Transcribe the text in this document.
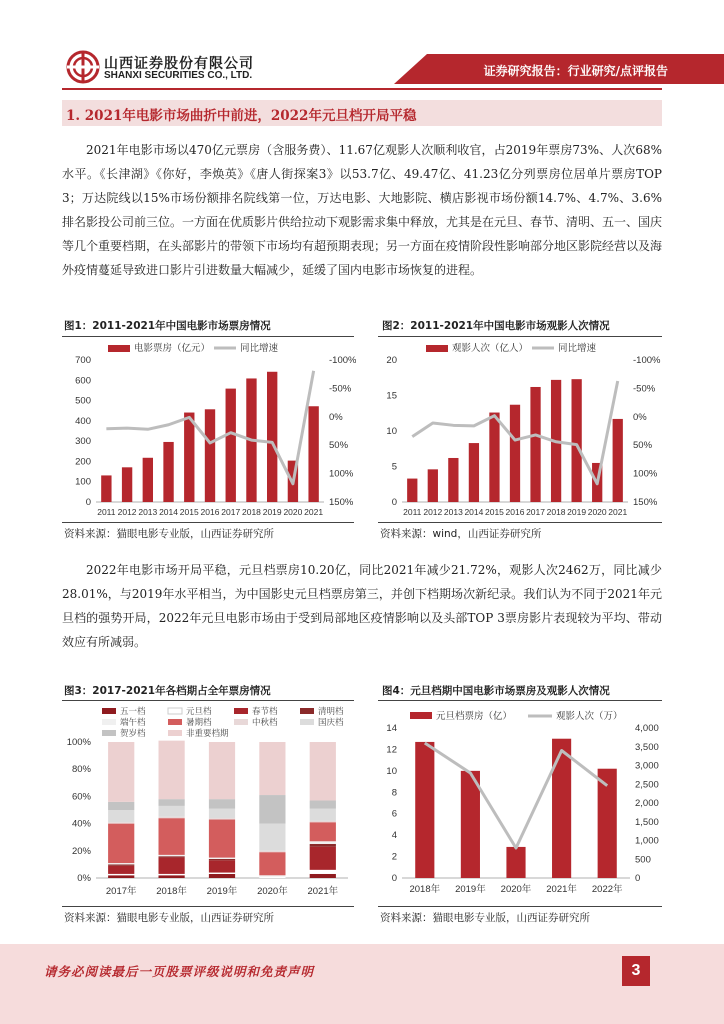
山西证券股份有限公司
SHANXI SECURITIES CO., LTD.	证券研究报告：行业研究/点评报告
1. 2021年电影市场曲折中前进，2022年元旦档开局平稳
2021年电影市场以470亿元票房（含服务费）、11.67亿观影人次顺利收官，占2019年票房73%、人次68%水平。《长津湖》《你好，李焕英》《唐人街探案3》以53.7亿、49.47亿、41.23亿分列票房位居单片票房TOP 3；万达院线以15%市场份额排名院线第一位，万达电影、大地影院、横店影视市场份额14.7%、4.7%、3.6%排名影投公司前三位。一方面在优质影片供给拉动下观影需求集中释放，尤其是在元旦、春节、清明、五一、国庆等几个重要档期，在头部影片的带领下市场均有超预期表现；另一方面在疫情阶段性影响部分地区影院经营以及海外疫情蔓延导致进口影片引进数量大幅减少，延缓了国内电影市场恢复的进程。
图1：2011-2021年中国电影市场票房情况
电影票房（亿元）	同比增速
0
100
200
300
400
500
600
700
150%
100%
50%
0%
-50%
-100%
2011 2012 2013 2014 2015 2016 2017 2018 2019 2020 2021
资料来源：猫眼电影专业版，山西证券研究所
图2：2011-2021年中国电影市场观影人次情况
观影人次（亿人）	同比增速
0
5
10
15
20
150%
100%
50%
0%
-50%
-100%
2011 2012 2013 2014 2015 2016 2017 2018 2019 2020 2021
资料来源：wind，山西证券研究所
2022年电影市场开局平稳，元旦档票房10.20亿，同比2021年减少21.72%，观影人次2462万，同比减少28.01%，与2019年水平相当，为中国影史元旦档票房第三，并创下档期场次新纪录。我们认为不同于2021年元旦档的强势开局，2022年元旦电影市场由于受到局部地区疫情影响以及头部TOP 3票房影片表现较为平均、带动效应有所减弱。
图3：2017-2021年各档期占全年票房情况
五一档	元旦档	春节档	清明档
端午档	暑期档	中秋档	国庆档
贺岁档	非重要档期
0%
20%
40%
60%
80%
100%
2017年 2018年 2019年 2020年 2021年
资料来源：猫眼电影专业版，山西证券研究所
图4：元旦档期中国电影市场票房及观影人次情况
元旦档票房（亿）	观影人次（万）
0
2
4
6
8
10
12
14
0
500
1,000
1,500
2,000
2,500
3,000
3,500
4,000
2018年 2019年 2020年 2021年 2022年
资料来源：猫眼电影专业版，山西证券研究所
请务必阅读最后一页股票评级说明和免责声明	3
